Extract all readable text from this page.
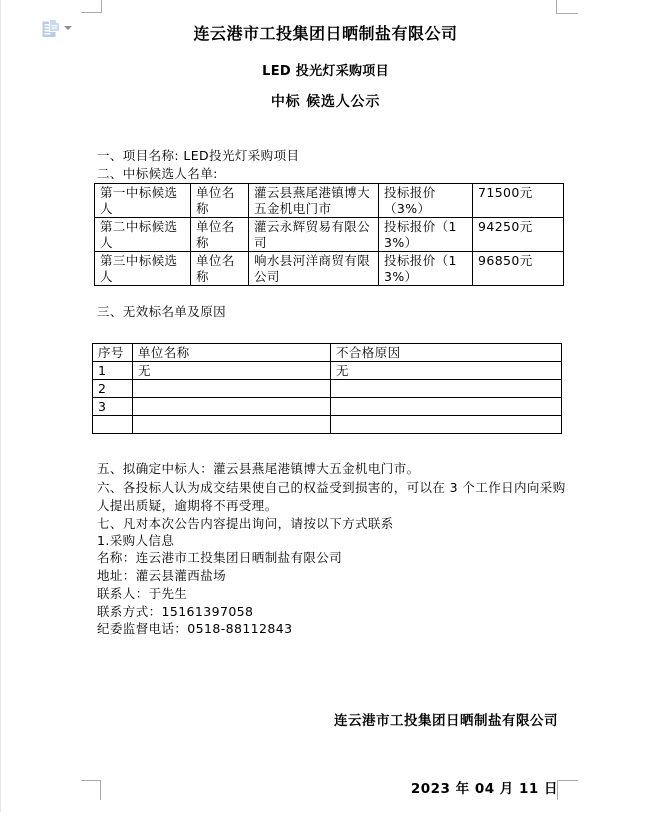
连云港市工投集团日晒制盐有限公司
LED 投光灯采购项目
中标 候选人公示
一、项目名称: LED投光灯采购项目
二、中标候选人名单:
第一中标候选人	单位名称	灌云县燕尾港镇博大五金机电门市	投标报价（3%）	71500元
第二中标候选人	单位名称	灌云永辉贸易有限公司	投标报价（13%）	94250元
第三中标候选人	单位名称	响水县河洋商贸有限公司	投标报价（13%）	96850元
三、无效标名单及原因
序号	单位名称	不合格原因
1	无	无
2		
3		

五、拟确定中标人：灌云县燕尾港镇博大五金机电门市。
六、各投标人认为成交结果使自己的权益受到损害的，可以在 3 个工作日内向采购人提出质疑，逾期将不再受理。
七、凡对本次公告内容提出询问，请按以下方式联系
1.采购人信息
名称：连云港市工投集团日晒制盐有限公司
地址：灌云县灌西盐场
联系人：于先生
联系方式：15161397058
纪委监督电话：0518-88112843

连云港市工投集团日晒制盐有限公司

2023 年 04 月 11 日
